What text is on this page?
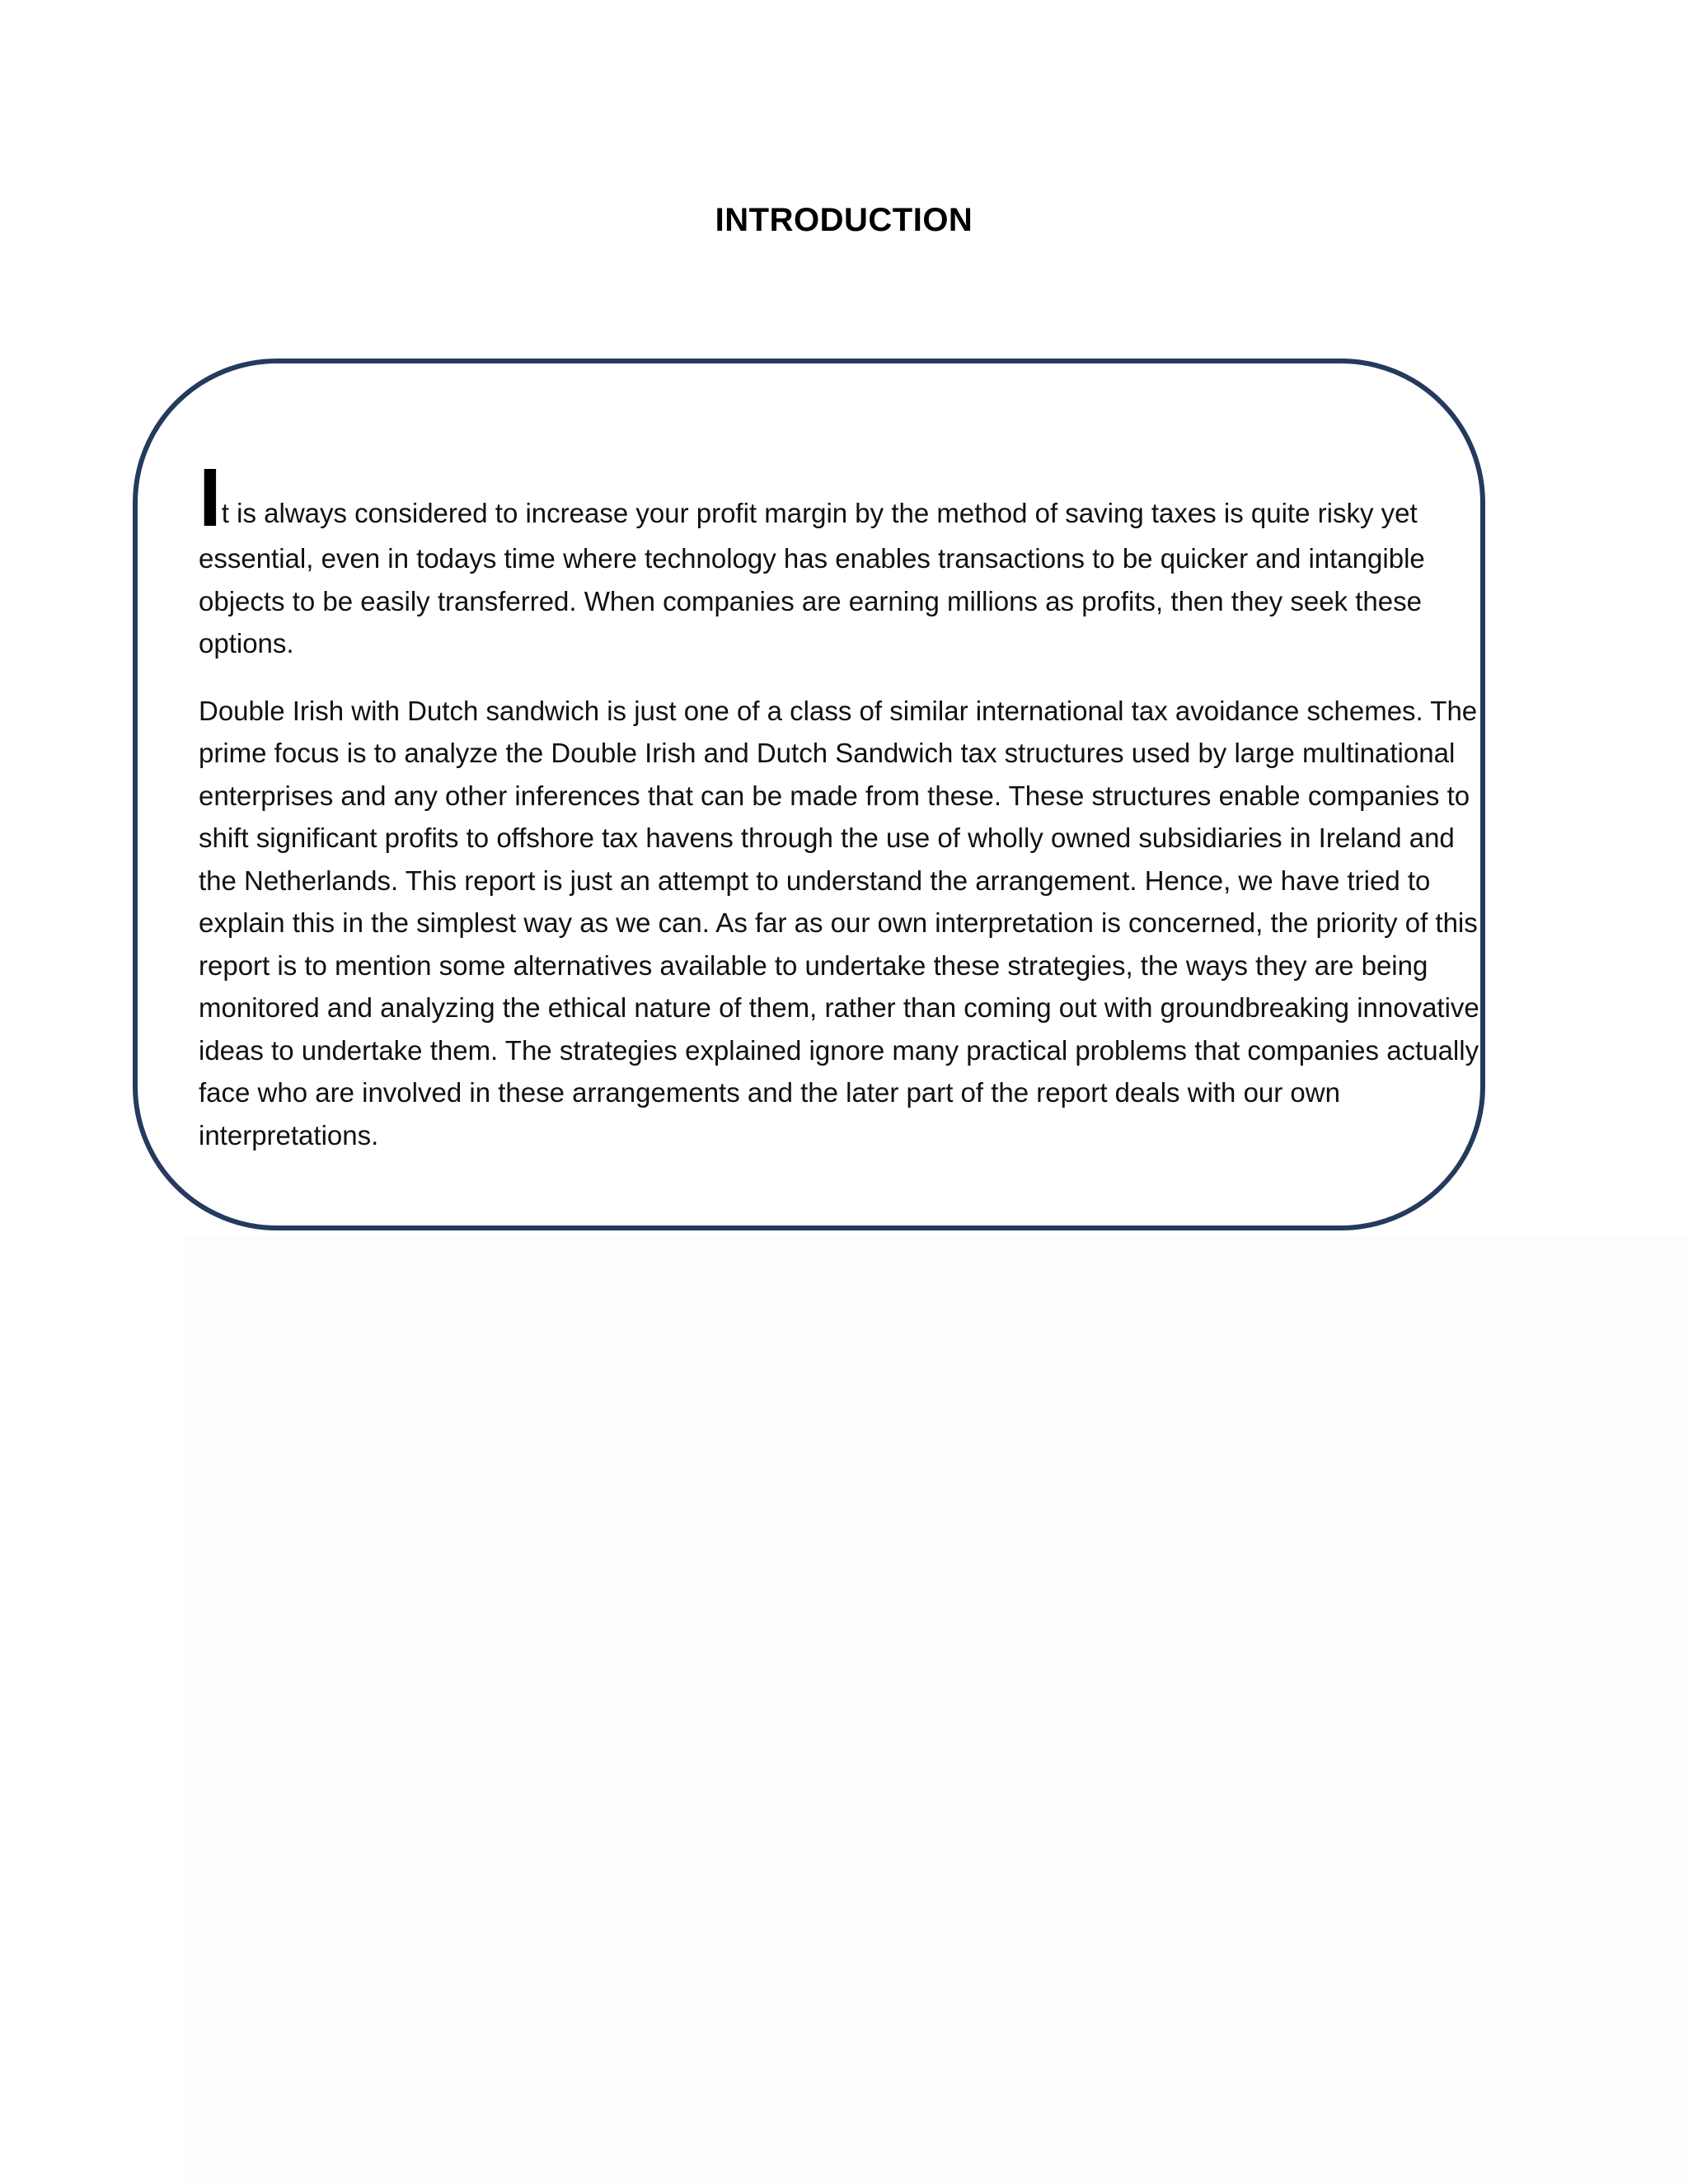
INTRODUCTION

It is always considered to increase your profit margin by the method of saving taxes is quite risky yet
essential, even in todays time where technology has enables transactions to be quicker and intangible objects to be easily transferred. When companies are earning millions as profits, then they seek these options.

Double Irish with Dutch sandwich is just one of a class of similar international tax avoidance schemes. The prime focus is to analyze the Double Irish and Dutch Sandwich tax structures used by large multinational enterprises and any other inferences that can be made from these. These structures enable companies to shift significant profits to offshore tax havens through the use of wholly owned subsidiaries in Ireland and the Netherlands. This report is just an attempt to understand the arrangement. Hence, we have tried to explain this in the simplest way as we can. As far as our own interpretation is concerned, the priority of this report is to mention some alternatives available to undertake these strategies, the ways they are being monitored and analyzing the ethical nature of them, rather than coming out with groundbreaking innovative ideas to undertake them. The strategies explained ignore many practical problems that companies actually face who are involved in these arrangements and the later part of the report deals with our own interpretations.
